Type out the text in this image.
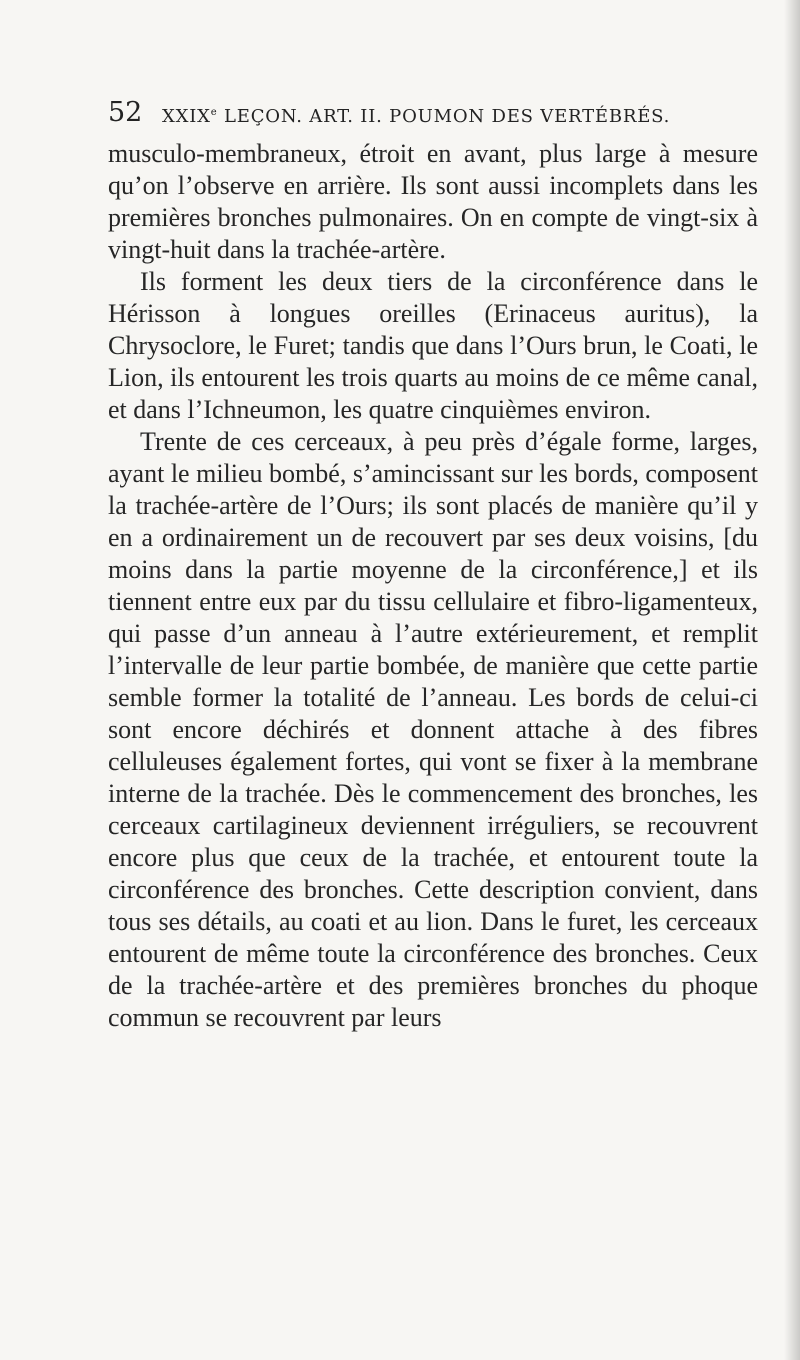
52 XXIXe LEÇON. ART. II. POUMON DES VERTÉBRÉS.

musculo-membraneux, étroit en avant, plus large à mesure qu’on l’observe en arrière. Ils sont aussi incomplets dans les premières bronches pulmonaires. On en compte de vingt-six à vingt-huit dans la trachée-artère.

Ils forment les deux tiers de la circonférence dans le Hérisson à longues oreilles (Erinaceus auritus), la Chrysoclore, le Furet; tandis que dans l’Ours brun, le Coati, le Lion, ils entourent les trois quarts au moins de ce même canal, et dans l’Ichneumon, les quatre cinquièmes environ.

Trente de ces cerceaux, à peu près d’égale forme, larges, ayant le milieu bombé, s’amincissant sur les bords, composent la trachée-artère de l’Ours; ils sont placés de manière qu’il y en a ordinairement un de recouvert par ses deux voisins, [du moins dans la partie moyenne de la circonférence,] et ils tiennent entre eux par du tissu cellulaire et fibro-ligamenteux, qui passe d’un anneau à l’autre extérieurement, et remplit l’intervalle de leur partie bombée, de manière que cette partie semble former la totalité de l’anneau. Les bords de celui-ci sont encore déchirés et donnent attache à des fibres celluleuses également fortes, qui vont se fixer à la membrane interne de la trachée. Dès le commencement des bronches, les cerceaux cartilagineux deviennent irréguliers, se recouvrent encore plus que ceux de la trachée, et entourent toute la circonférence des bronches. Cette description convient, dans tous ses détails, au coati et au lion. Dans le furet, les cerceaux entourent de même toute la circonférence des bronches. Ceux de la trachée-artère et des premières bronches du phoque commun se recouvrent par leurs
